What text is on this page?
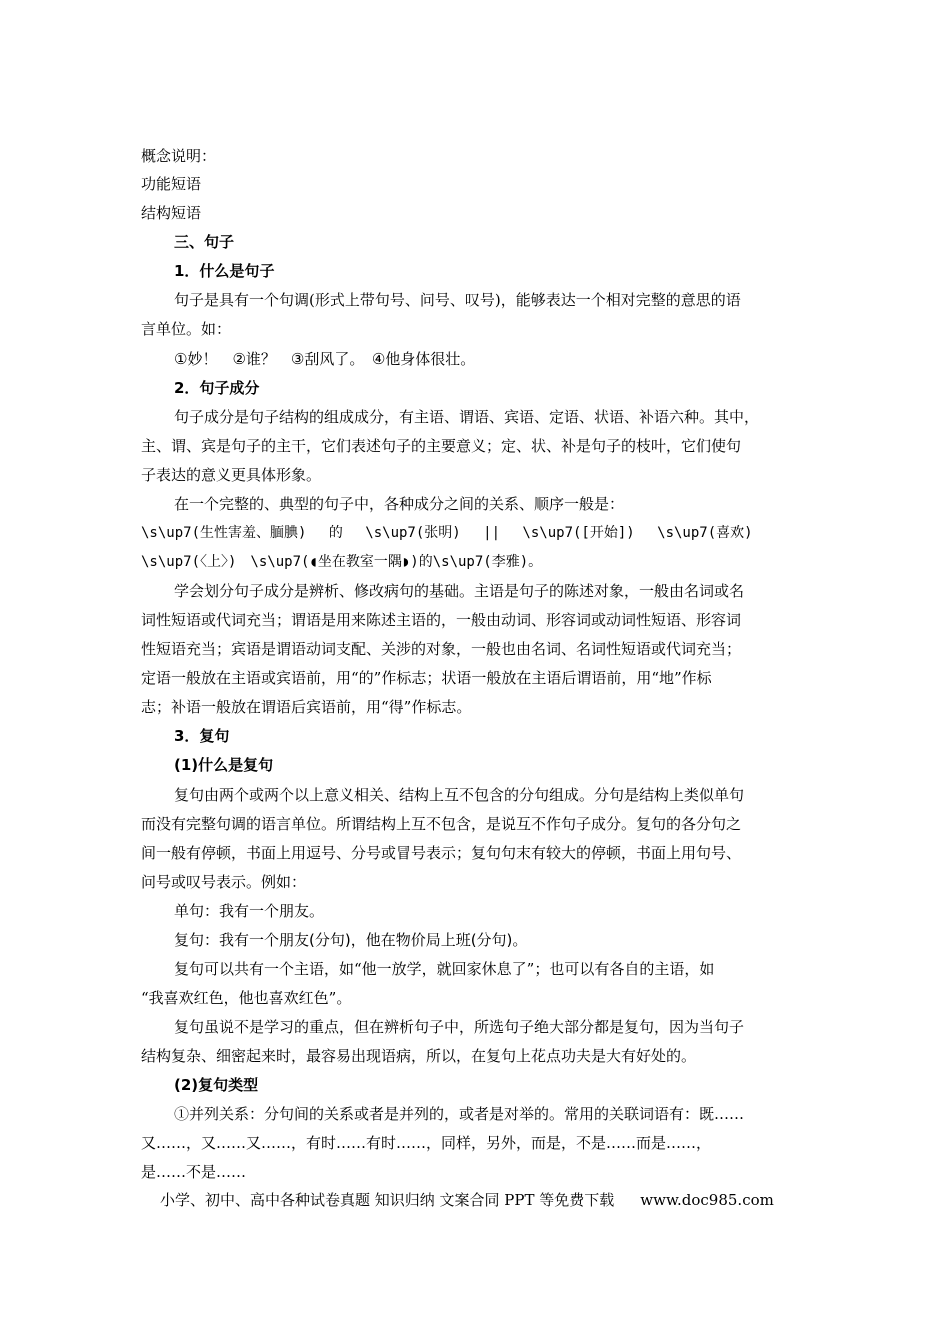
概念说明：
功能短语
结构短语
三、句子
1．什么是句子
句子是具有一个句调(形式上带句号、问号、叹号)，能够表达一个相对完整的意思的语
言单位。如：
①妙！　②谁？　③刮风了。　④他身体很壮。
2．句子成分
句子成分是句子结构的组成成分，有主语、谓语、宾语、定语、状语、补语六种。其中，
主、谓、宾是句子的主干，它们表述句子的主要意义；定、状、补是句子的枝叶，它们使句
子表达的意义更具体形象。
在一个完整的、典型的句子中，各种成分之间的关系、顺序一般是：
\s\up7(生性害羞、腼腆)　 的　 \s\up7(张明)　 ||　 \s\up7([开始])　 \s\up7(喜欢)
\s\up7(〈上〉)　\s\up7(◖坐在教室一隅◗)的\s\up7(李雅)。
学会划分句子成分是辨析、修改病句的基础。主语是句子的陈述对象，一般由名词或名
词性短语或代词充当；谓语是用来陈述主语的，一般由动词、形容词或动词性短语、形容词
性短语充当；宾语是谓语动词支配、关涉的对象，一般也由名词、名词性短语或代词充当；
定语一般放在主语或宾语前，用“的”作标志；状语一般放在主语后谓语前，用“地”作标
志；补语一般放在谓语后宾语前，用“得”作标志。
3．复句
(1)什么是复句
复句由两个或两个以上意义相关、结构上互不包含的分句组成。分句是结构上类似单句
而没有完整句调的语言单位。所谓结构上互不包含，是说互不作句子成分。复句的各分句之
间一般有停顿，书面上用逗号、分号或冒号表示；复句句末有较大的停顿，书面上用句号、
问号或叹号表示。例如：
单句：我有一个朋友。
复句：我有一个朋友(分句)，他在物价局上班(分句)。
复句可以共有一个主语，如“他一放学，就回家休息了”；也可以有各自的主语，如
“我喜欢红色，他也喜欢红色”。
复句虽说不是学习的重点，但在辨析句子中，所选句子绝大部分都是复句，因为当句子
结构复杂、细密起来时，最容易出现语病，所以，在复句上花点功夫是大有好处的。
(2)复句类型
①并列关系：分句间的关系或者是并列的，或者是对举的。常用的关联词语有：既……
又……，又……又……，有时……有时……，同样，另外，而是，不是……而是……，
是……不是……
小学、初中、高中各种试卷真题 知识归纳 文案合同 PPT 等免费下载 www.doc985.com
